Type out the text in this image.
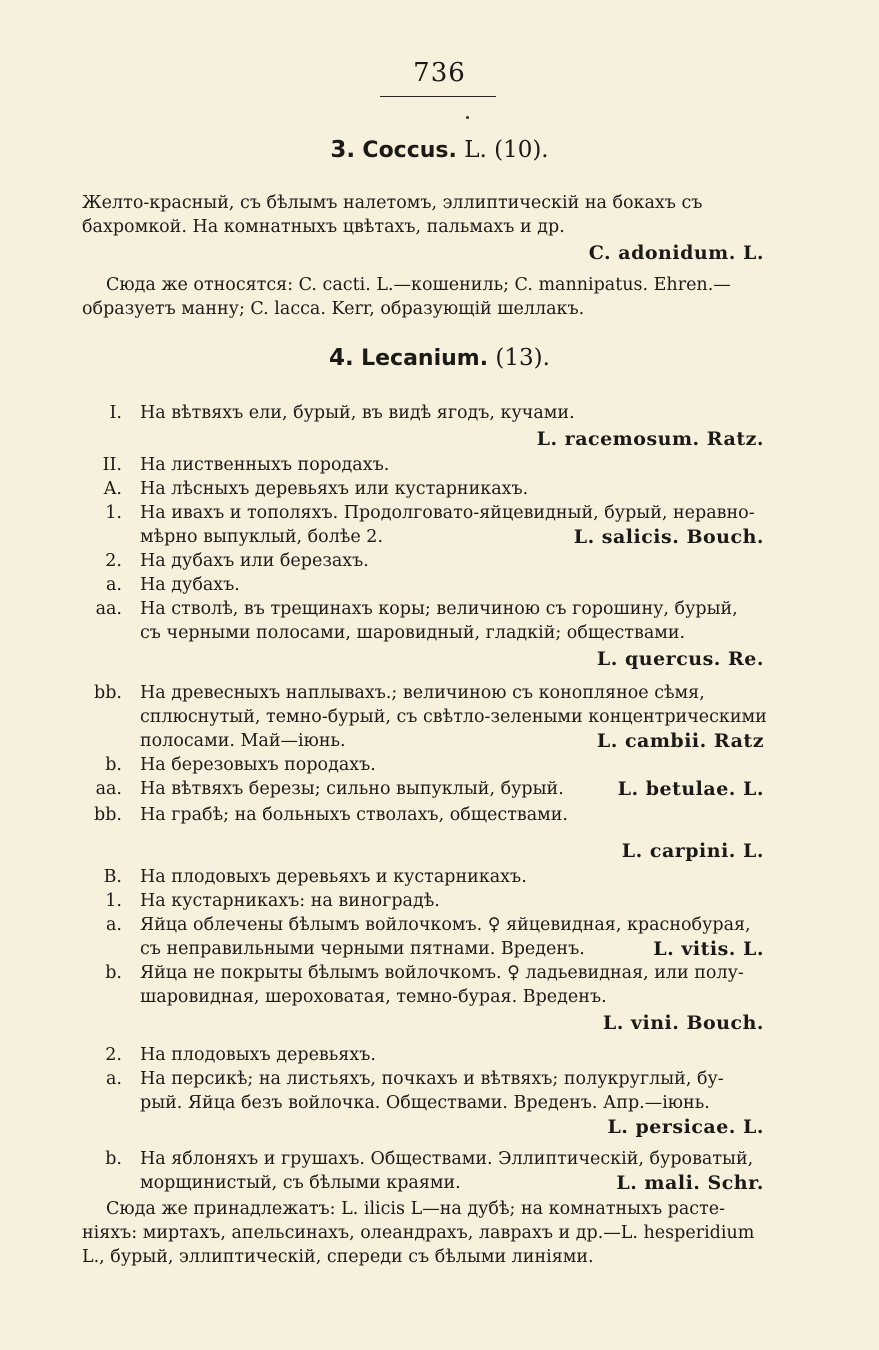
736
3. Coccus. L. (10).
Желто-красный, съ бѣлымъ налетомъ, эллиптическій на бокахъ съ
бахромкой. На комнатныхъ цвѣтахъ, пальмахъ и др.
C. adonidum. L.
Сюда же относятся: C. cacti. L.—кошениль; C. mannipatus. Ehren.—
образуетъ манну; C. lacca. Kerr, образующій шеллакъ.
4. Lecanium. (13).
I. На вѣтвяхъ ели, бурый, въ видѣ ягодъ, кучами.
L. racemosum. Ratz.
II. На лиственныхъ породахъ.
A. На лѣсныхъ деревьяхъ или кустарникахъ.
1. На ивахъ и тополяхъ. Продолговато-яйцевидный, бурый, неравно-
мѣрно выпуклый, болѣе 2.	L. salicis. Bouch.
2. На дубахъ или березахъ.
a. На дубахъ.
aa. На стволѣ, въ трещинахъ коры; величиною съ горошину, бурый,
съ черными полосами, шаровидный, гладкій; обществами.
L. quercus. Re.
bb. На древесныхъ наплывахъ.; величиною съ конопляное сѣмя,
сплюснутый, темно-бурый, съ свѣтло-зелеными концентрическими
полосами. Май—іюнь.	L. cambii. Ratz
b. На березовыхъ породахъ.
aa. На вѣтвяхъ березы; сильно выпуклый, бурый.	L. betulae. L.
bb. На грабѣ; на больныхъ стволахъ, обществами.
L. carpini. L.
B. На плодовыхъ деревьяхъ и кустарникахъ.
1. На кустарникахъ: на виноградѣ.
a. Яйца облечены бѣлымъ войлочкомъ. ♀ яйцевидная, краснобурая,
съ неправильными черными пятнами. Вреденъ.	L. vitis. L.
b. Яйца не покрыты бѣлымъ войлочкомъ. ♀ ладьевидная, или полу-
шаровидная, шероховатая, темно-бурая. Вреденъ.
L. vini. Bouch.
2. На плодовыхъ деревьяхъ.
a. На персикѣ; на листьяхъ, почкахъ и вѣтвяхъ; полукруглый, бу-
рый. Яйца безъ войлочка. Обществами. Вреденъ. Апр.—іюнь.
L. persicae. L.
b. На яблоняхъ и грушахъ. Обществами. Эллиптическій, буроватый,
морщинистый, съ бѣлыми краями.	L. mali. Schr.
Сюда же принадлежатъ: L. ilicis L—на дубѣ; на комнатныхъ расте-
ніяхъ: миртахъ, апельсинахъ, олеандрахъ, лаврахъ и др.—L. hesperidium
L., бурый, эллиптическій, спереди съ бѣлыми линіями.
